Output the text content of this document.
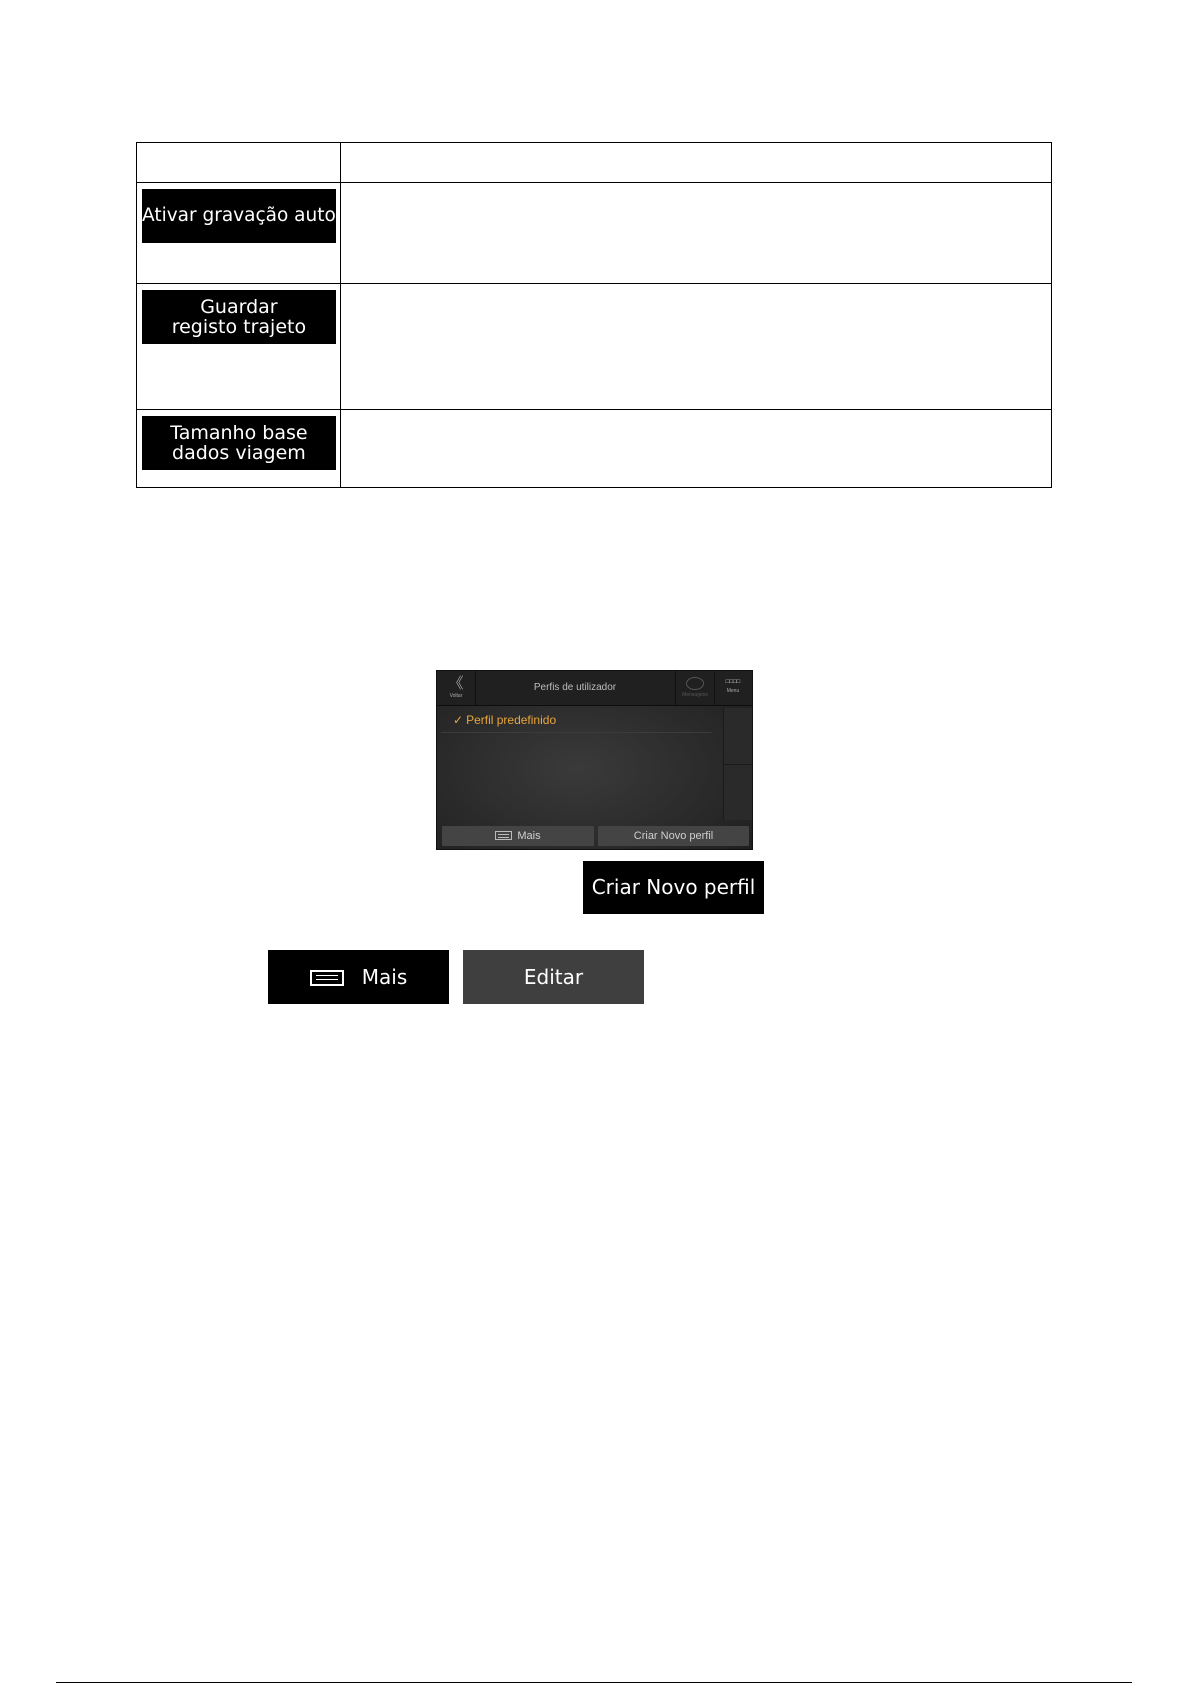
Ativar gravação auto	

Guardar
registo trajeto	

Tamanho base
dados viagem	

《
Voltar
Perfis de utilizador
Mensagens
□□□□
Menu
✓ Perfil predefinido
Mais	Criar Novo perfil
Criar Novo perfil
Mais	Editar
